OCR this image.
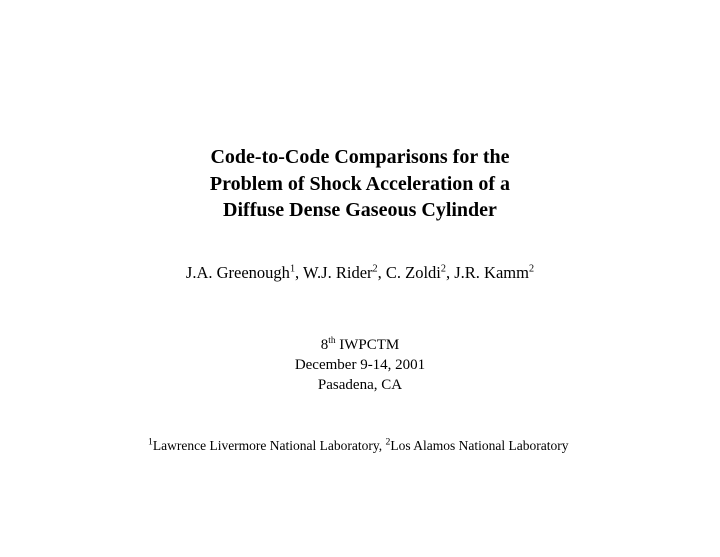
Code-to-Code Comparisons for the
Problem of Shock Acceleration of a
Diffuse Dense Gaseous Cylinder
J.A. Greenough$^1$, W.J. Rider$^2$, C. Zoldi$^2$, J.R. Kamm$^2$
8th IWPCTM
December 9-14, 2001
Pasadena, CA
$^1$Lawrence Livermore National Laboratory, $^2$Los Alamos National Laboratory
